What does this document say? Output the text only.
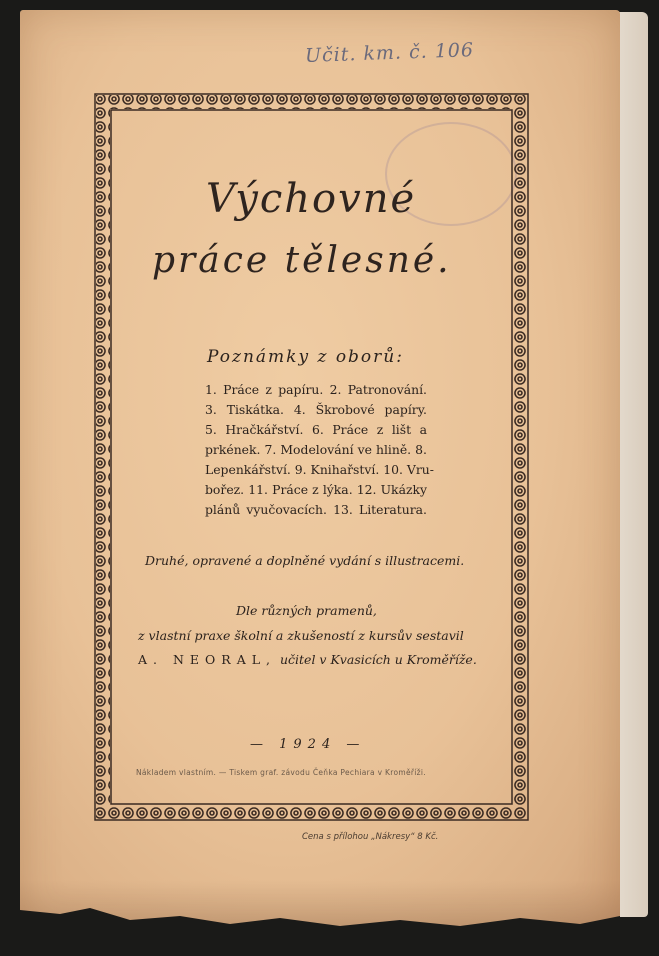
Učit. km. č. 106
Výchovné
práce tělesné.
Poznámky z oborů:
1. Práce z papíru. 2. Patronování.
3. Tiskátka. 4. Škrobové papíry.
5. Hračkářství. 6. Práce z lišt a
prkének. 7. Modelování ve hlině. 8.
Lepenkářství. 9. Knihařství. 10. Vru-
bořez. 11. Práce z lýka. 12. Ukázky
plánů vyučovacích. 13. Literatura.
Druhé, opravené a doplněné vydání s illustracemi.
Dle různých pramenů,
z vlastní praxe školní a zkušeností z kursův sestavil
A. NEORAL, učitel v Kvasicích u Kroměříže.
— 1924 —
Nákladem vlastním. — Tiskem graf. závodu Čeňka Pechiara v Kroměříži.
Cena s přílohou „Nákresy“ 8 Kč.
